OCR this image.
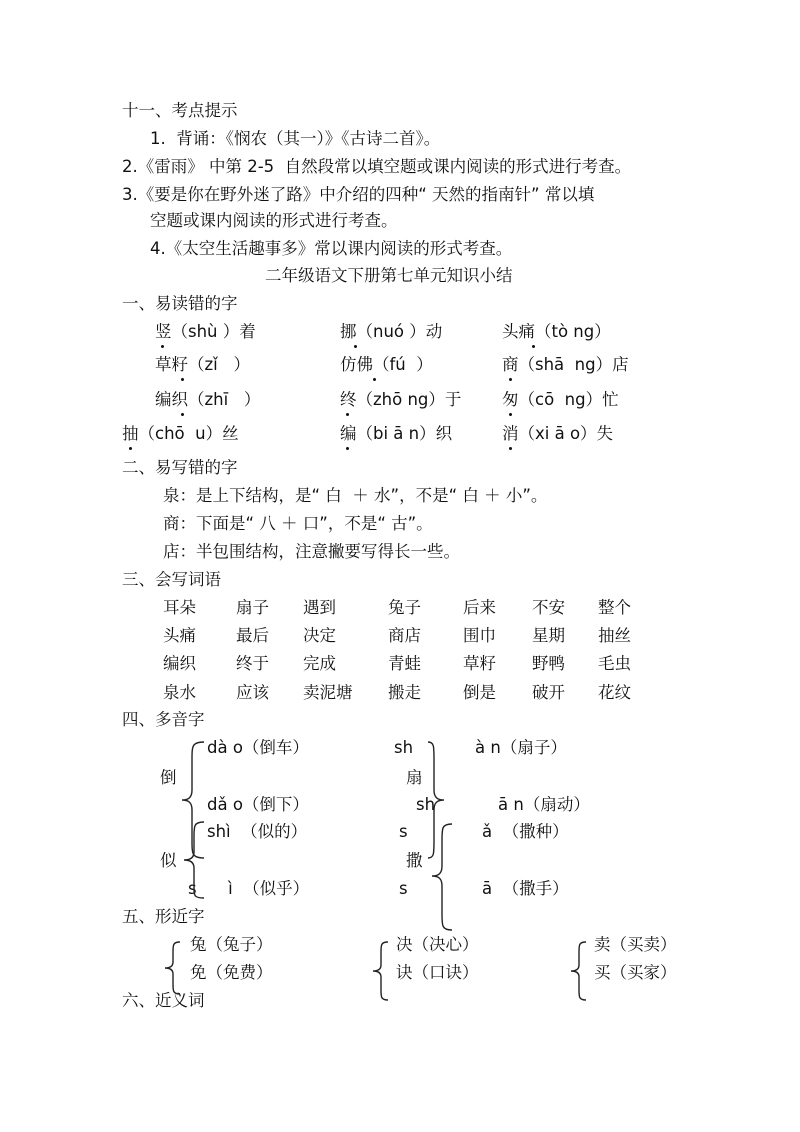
十一、考点提示
1.  背诵：《悯农（其一）》《古诗二首》。
2.《雷雨》 中第 2-5  自然段常以填空题或课内阅读的形式进行考查。
3.《要是你在野外迷了路》中介绍的四种“ 天然的指南针” 常以填
空题或课内阅读的形式进行考查。
4.《太空生活趣事多》常以课内阅读的形式考查。
二年级语文下册第七单元知识小结
一、易读错的字
竖（shù ）着	挪（nuó ）动	头痛（tò ng）
草籽（zǐ   ）	仿佛（fú  ）	商（shā  ng）店
编织（zhī   ）	终（zhō ng）于 匆（cō  ng）忙
抽（chō  u）丝	编（bi ā n）织	消（xi ā o）失
二、易写错的字
泉：是上下结构，是“ 白  ＋ 水”，不是“ 白 ＋ 小”。
商：下面是“ 八 ＋ 口”，不是“ 古”。
店：半包围结构，注意撇要写得长一些。
三、会写词语
耳朵 扇子 遇到	兔子	后来 不安 整个
头痛 最后 决定	商店	围巾 星期 抽丝
编织 终于 完成	青蛙	草籽 野鸭 毛虫
泉水 应该 卖泥塘 搬走	倒是 破开 花纹
四、多音字
dà o（倒车）
倒
dǎ o（倒下）
shì  （似的）
似
s      ì  （似乎）
sh	à n（扇子）
扇
sh	ā n（扇动）
s	ǎ  （撒种）
撒
s	ā  （撒手）
五、形近字
兔（兔子）
免（免费）
决（决心）
诀（口诀）
卖（买卖）
买（买家）
六、近义词
